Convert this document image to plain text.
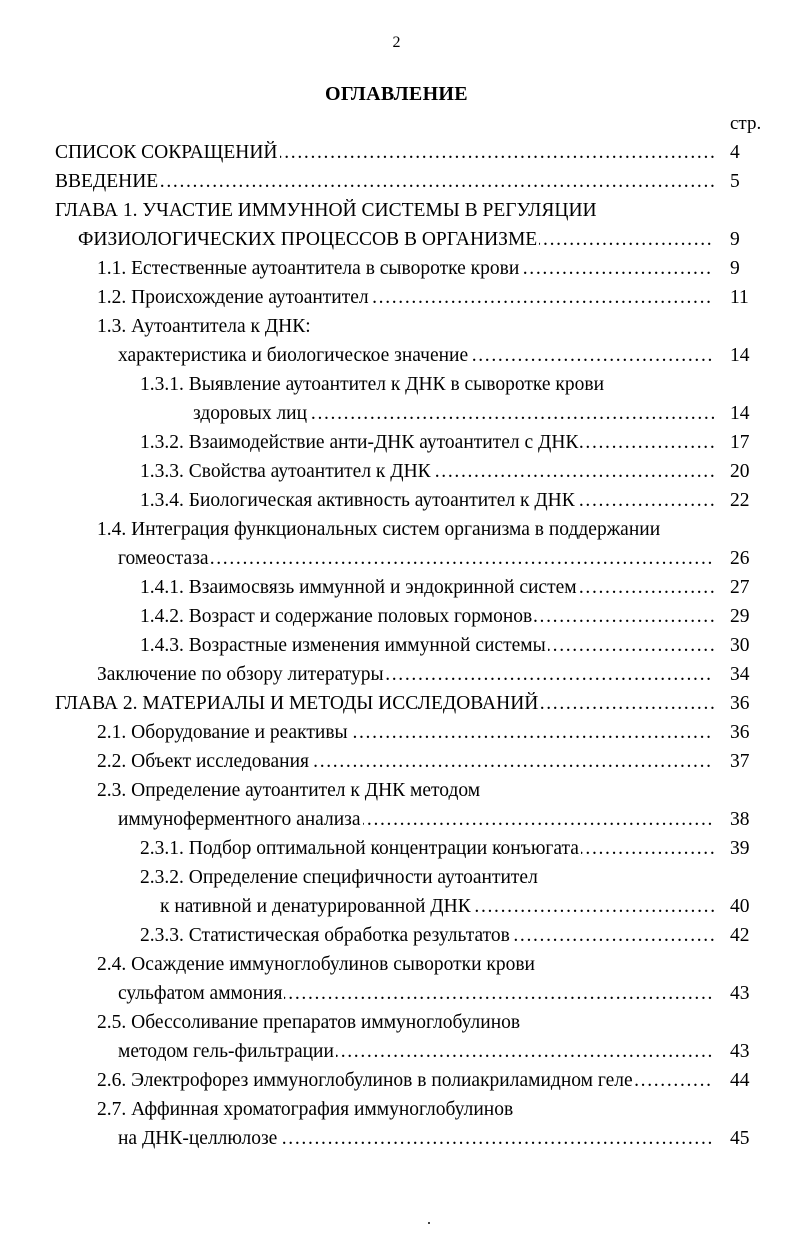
2
ОГЛАВЛЕНИЕ
стр.
. . .
СПИСОК СОКРАЩЕНИЙ	4
. . .
ВВЕДЕНИЕ	5
ГЛАВА 1. УЧАСТИЕ ИММУННОЙ СИСТЕМЫ В РЕГУЛЯЦИИ
. . .
ФИЗИОЛОГИЧЕСКИХ ПРОЦЕССОВ В ОРГАНИЗМЕ	9
. . .
1.1. Естественные аутоантитела в сыворотке крови	9
. . .
1.2. Происхождение аутоантител	11
1.3. Аутоантитела к ДНК:
. . .
характеристика и биологическое значение	14
1.3.1. Выявление аутоантител к ДНК в сыворотке крови
. . .
здоровых лиц	14
. . .
1.3.2. Взаимодействие анти-ДНК аутоантител с ДНК	17
. . .
1.3.3. Свойства аутоантител к ДНК	20
. . .
1.3.4. Биологическая активность аутоантител к ДНК	22
1.4. Интеграция функциональных систем организма в поддержании
. . .
гомеостаза	26
. . .
1.4.1. Взаимосвязь иммунной и эндокринной систем	27
. . .
1.4.2. Возраст и содержание половых гормонов	29
. . .
1.4.3. Возрастные изменения иммунной системы	30
. . .
Заключение по обзору литературы	34
. . .
ГЛАВА 2. МАТЕРИАЛЫ И МЕТОДЫ ИССЛЕДОВАНИЙ	36
. . .
2.1. Оборудование и реактивы	36
. . .
2.2. Объект исследования	37
2.3. Определение аутоантител к ДНК методом
. . .
иммуноферментного анализа	38
. . .
2.3.1. Подбор оптимальной концентрации конъюгата	39
2.3.2. Определение специфичности аутоантител
. . .
к нативной и денатурированной ДНК	40
. . .
2.3.3. Статистическая обработка результатов	42
2.4. Осаждение иммуноглобулинов сыворотки крови
. . .
сульфатом аммония	43
2.5. Обессоливание препаратов иммуноглобулинов
. . .
методом гель-фильтрации	43
. . .
2.6. Электрофорез иммуноглобулинов в полиакриламидном геле	44
2.7. Аффинная хроматография иммуноглобулинов
. . .
на ДНК-целлюлозе	45
